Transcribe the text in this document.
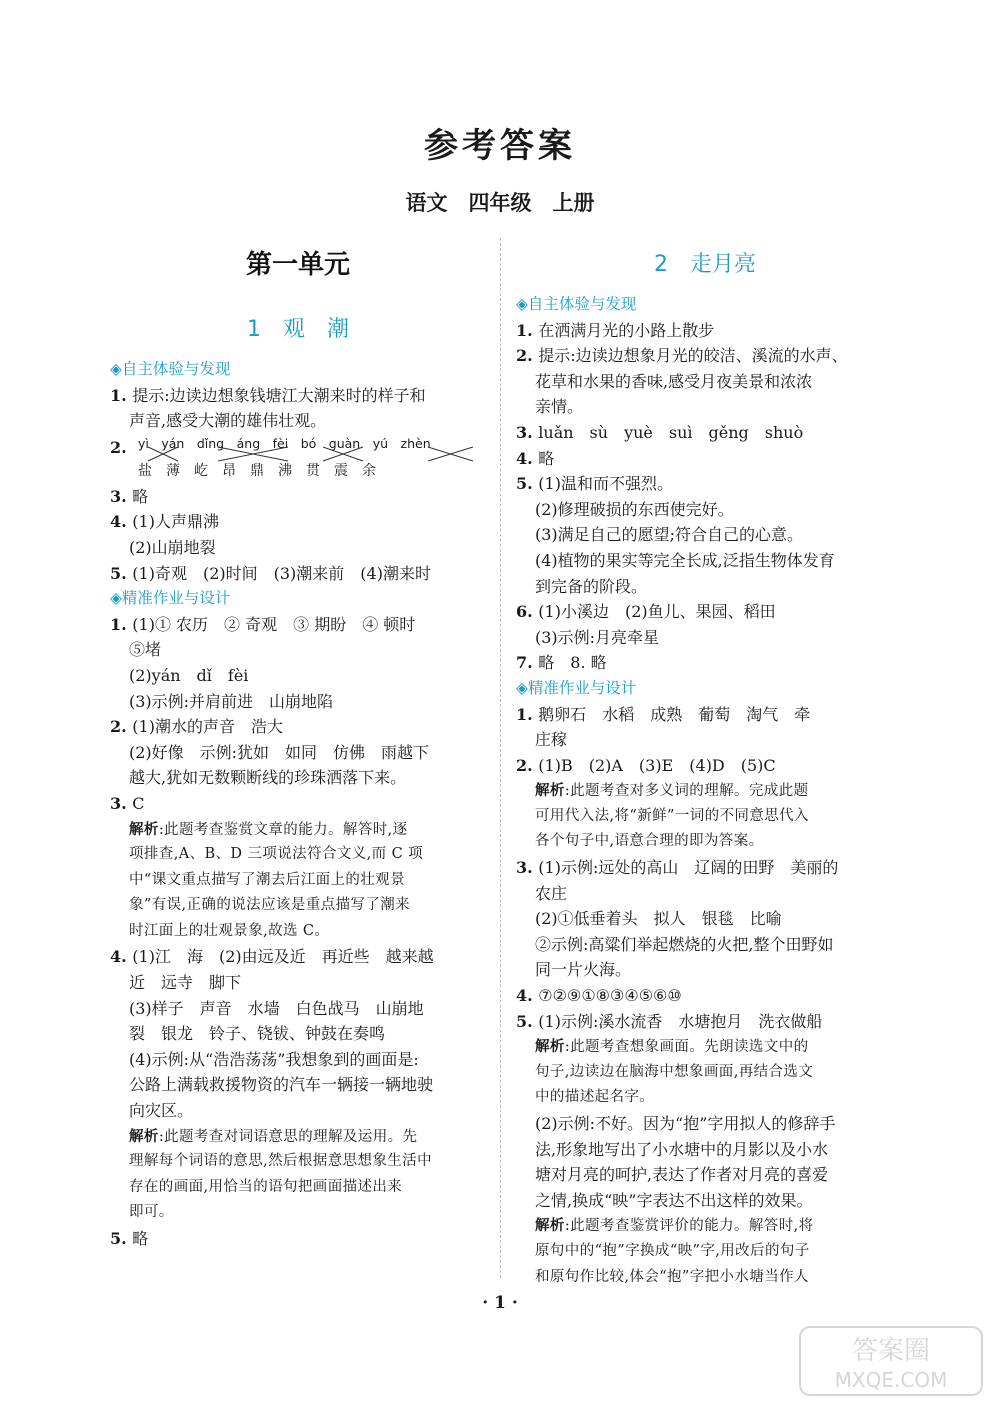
参考答案
语文　四年级　上册
第一单元
1　观　潮
◈自主体验与发现
1. 提示:边读边想象钱塘江大潮来时的样子和
声音,感受大潮的雄伟壮观。
2. yì　yán　dǐng　áng　fèi　bó　guàn　yú　zhèn
盐　薄　屹　昂　鼎　沸　贯　震　余
3. 略
4. (1)人声鼎沸
(2)山崩地裂
5. (1)奇观　(2)时间　(3)潮来前　(4)潮来时
◈精准作业与设计
1. (1)① 农历　② 奇观　③ 期盼　④ 顿时
⑤堵
(2)yán　dǐ　fèi
(3)示例:并肩前进　山崩地陷
2. (1)潮水的声音　浩大
(2)好像　示例:犹如　如同　仿佛　雨越下
越大,犹如无数颗断线的珍珠洒落下来。
3. C
解析:此题考查鉴赏文章的能力。解答时,逐
项排查,A、B、D 三项说法符合文义,而 C 项
中“课文重点描写了潮去后江面上的壮观景
象”有误,正确的说法应该是重点描写了潮来
时江面上的壮观景象,故选 C。
4. (1)江　海　(2)由远及近　再近些　越来越
近　远寺　脚下
(3)样子　声音　水墙　白色战马　山崩地
裂　银龙　铃子、铙钹、钟鼓在奏鸣
(4)示例:从“浩浩荡荡”我想象到的画面是:
公路上满载救援物资的汽车一辆接一辆地驶
向灾区。
解析:此题考查对词语意思的理解及运用。先
理解每个词语的意思,然后根据意思想象生活中
存在的画面,用恰当的语句把画面描述出来
即可。
5. 略
2　走月亮
◈自主体验与发现
1. 在洒满月光的小路上散步
2. 提示:边读边想象月光的皎洁、溪流的水声、
花草和水果的香味,感受月夜美景和浓浓
亲情。
3. luǎn　sù　yuè　suì　gěng　shuò
4. 略
5. (1)温和而不强烈。
(2)修理破损的东西使完好。
(3)满足自己的愿望;符合自己的心意。
(4)植物的果实等完全长成,泛指生物体发育
到完备的阶段。
6. (1)小溪边　(2)鱼儿、果园、稻田
(3)示例:月亮牵星
7. 略　8. 略
◈精准作业与设计
1. 鹅卵石　水稻　成熟　葡萄　淘气　牵
庄稼
2. (1)B　(2)A　(3)E　(4)D　(5)C
解析:此题考查对多义词的理解。完成此题
可用代入法,将“新鲜”一词的不同意思代入
各个句子中,语意合理的即为答案。
3. (1)示例:远处的高山　辽阔的田野　美丽的
农庄
(2)①低垂着头　拟人　银毯　比喻
②示例:高粱们举起燃烧的火把,整个田野如
同一片火海。
4. ⑦②⑨①⑧③④⑤⑥⑩
5. (1)示例:溪水流香　水塘抱月　洗衣做船
解析:此题考查想象画面。先朗读选文中的
句子,边读边在脑海中想象画面,再结合选文
中的描述起名字。
(2)示例:不好。因为“抱”字用拟人的修辞手
法,形象地写出了小水塘中的月影以及小水
塘对月亮的呵护,表达了作者对月亮的喜爱
之情,换成“映”字表达不出这样的效果。
解析:此题考查鉴赏评价的能力。解答时,将
原句中的“抱”字换成“映”字,用改后的句子
和原句作比较,体会“抱”字把小水塘当作人
· 1 ·
答案圈
MXQE.COM
